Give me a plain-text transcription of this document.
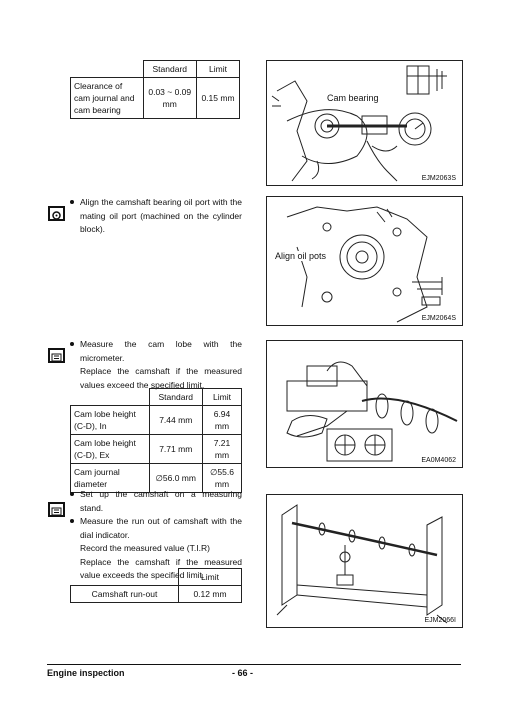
	Standard	Limit
Clearance of cam journal and cam bearing	0.03 ~ 0.09 mm	0.15 mm	Cam bearing
EJM2063S
Align the camshaft bearing oil port with the mating oil port (machined on the cylinder block).
Align oil pots
EJM2064S
Measure the cam lobe with the micrometer.
Replace the camshaft if the measured values exceed the specified limit.
	Standard	Limit
Cam lobe height (C-D), In	7.44 mm	6.94 mm
Cam lobe height (C-D), Ex	7.71 mm	7.21 mm
Cam journal diameter	∅56.0 mm	∅55.6 mm
EA0M4062
Set up the camshaft on a measuring stand.
Measure the run out of camshaft with the dial indicator.
Record the measured value (T.I.R)
Replace the camshaft if the measured value exceeds the specified limit.
	Limit
Camshaft run-out	0.12 mm
EJM2066I
Engine inspection	- 66 -
